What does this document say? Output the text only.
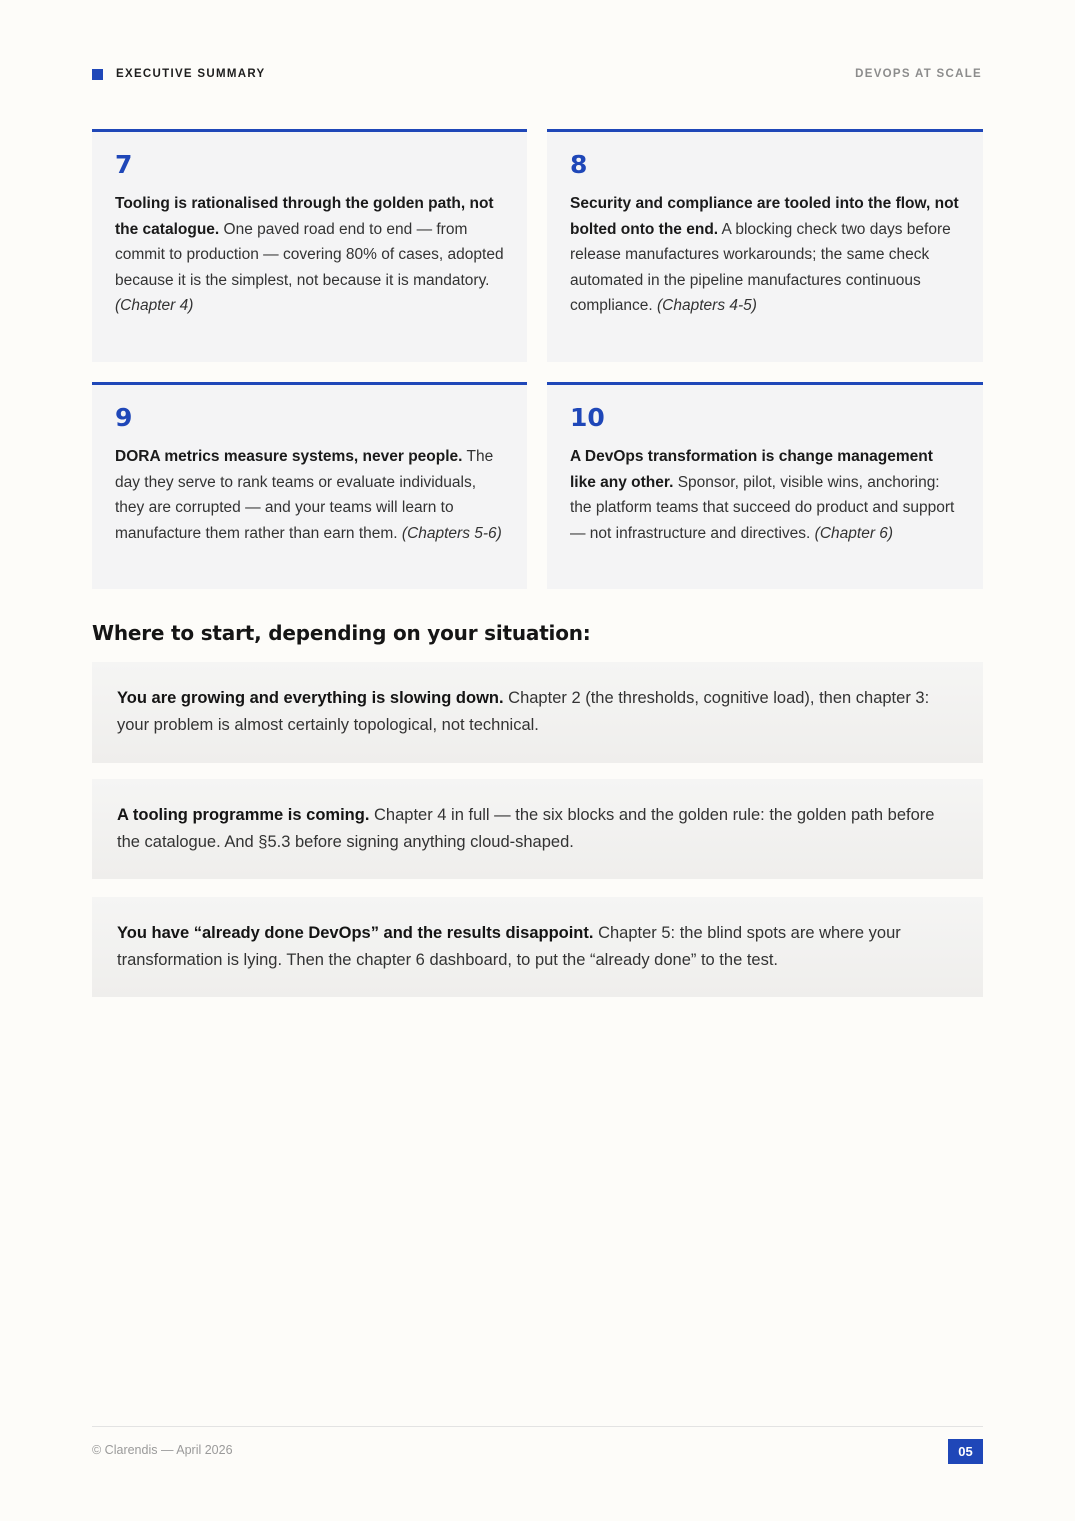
EXECUTIVE SUMMARY	DEVOPS AT SCALE
7
Tooling is rationalised through the golden path, not the catalogue. One paved road end to end — from commit to production — covering 80% of cases, adopted because it is the simplest, not because it is mandatory. (Chapter 4)
8
Security and compliance are tooled into the flow, not bolted onto the end. A blocking check two days before release manufactures workarounds; the same check automated in the pipeline manufactures continuous compliance. (Chapters 4-5)
9
DORA metrics measure systems, never people. The day they serve to rank teams or evaluate individuals, they are corrupted — and your teams will learn to manufacture them rather than earn them. (Chapters 5-6)
10
A DevOps transformation is change management like any other. Sponsor, pilot, visible wins, anchoring: the platform teams that succeed do product and support — not infrastructure and directives. (Chapter 6)
Where to start, depending on your situation:
You are growing and everything is slowing down. Chapter 2 (the thresholds, cognitive load), then chapter 3: your problem is almost certainly topological, not technical.
A tooling programme is coming. Chapter 4 in full — the six blocks and the golden rule: the golden path before the catalogue. And §5.3 before signing anything cloud-shaped.
You have “already done DevOps” and the results disappoint. Chapter 5: the blind spots are where your transformation is lying. Then the chapter 6 dashboard, to put the “already done” to the test.
© Clarendis — April 2026	05
